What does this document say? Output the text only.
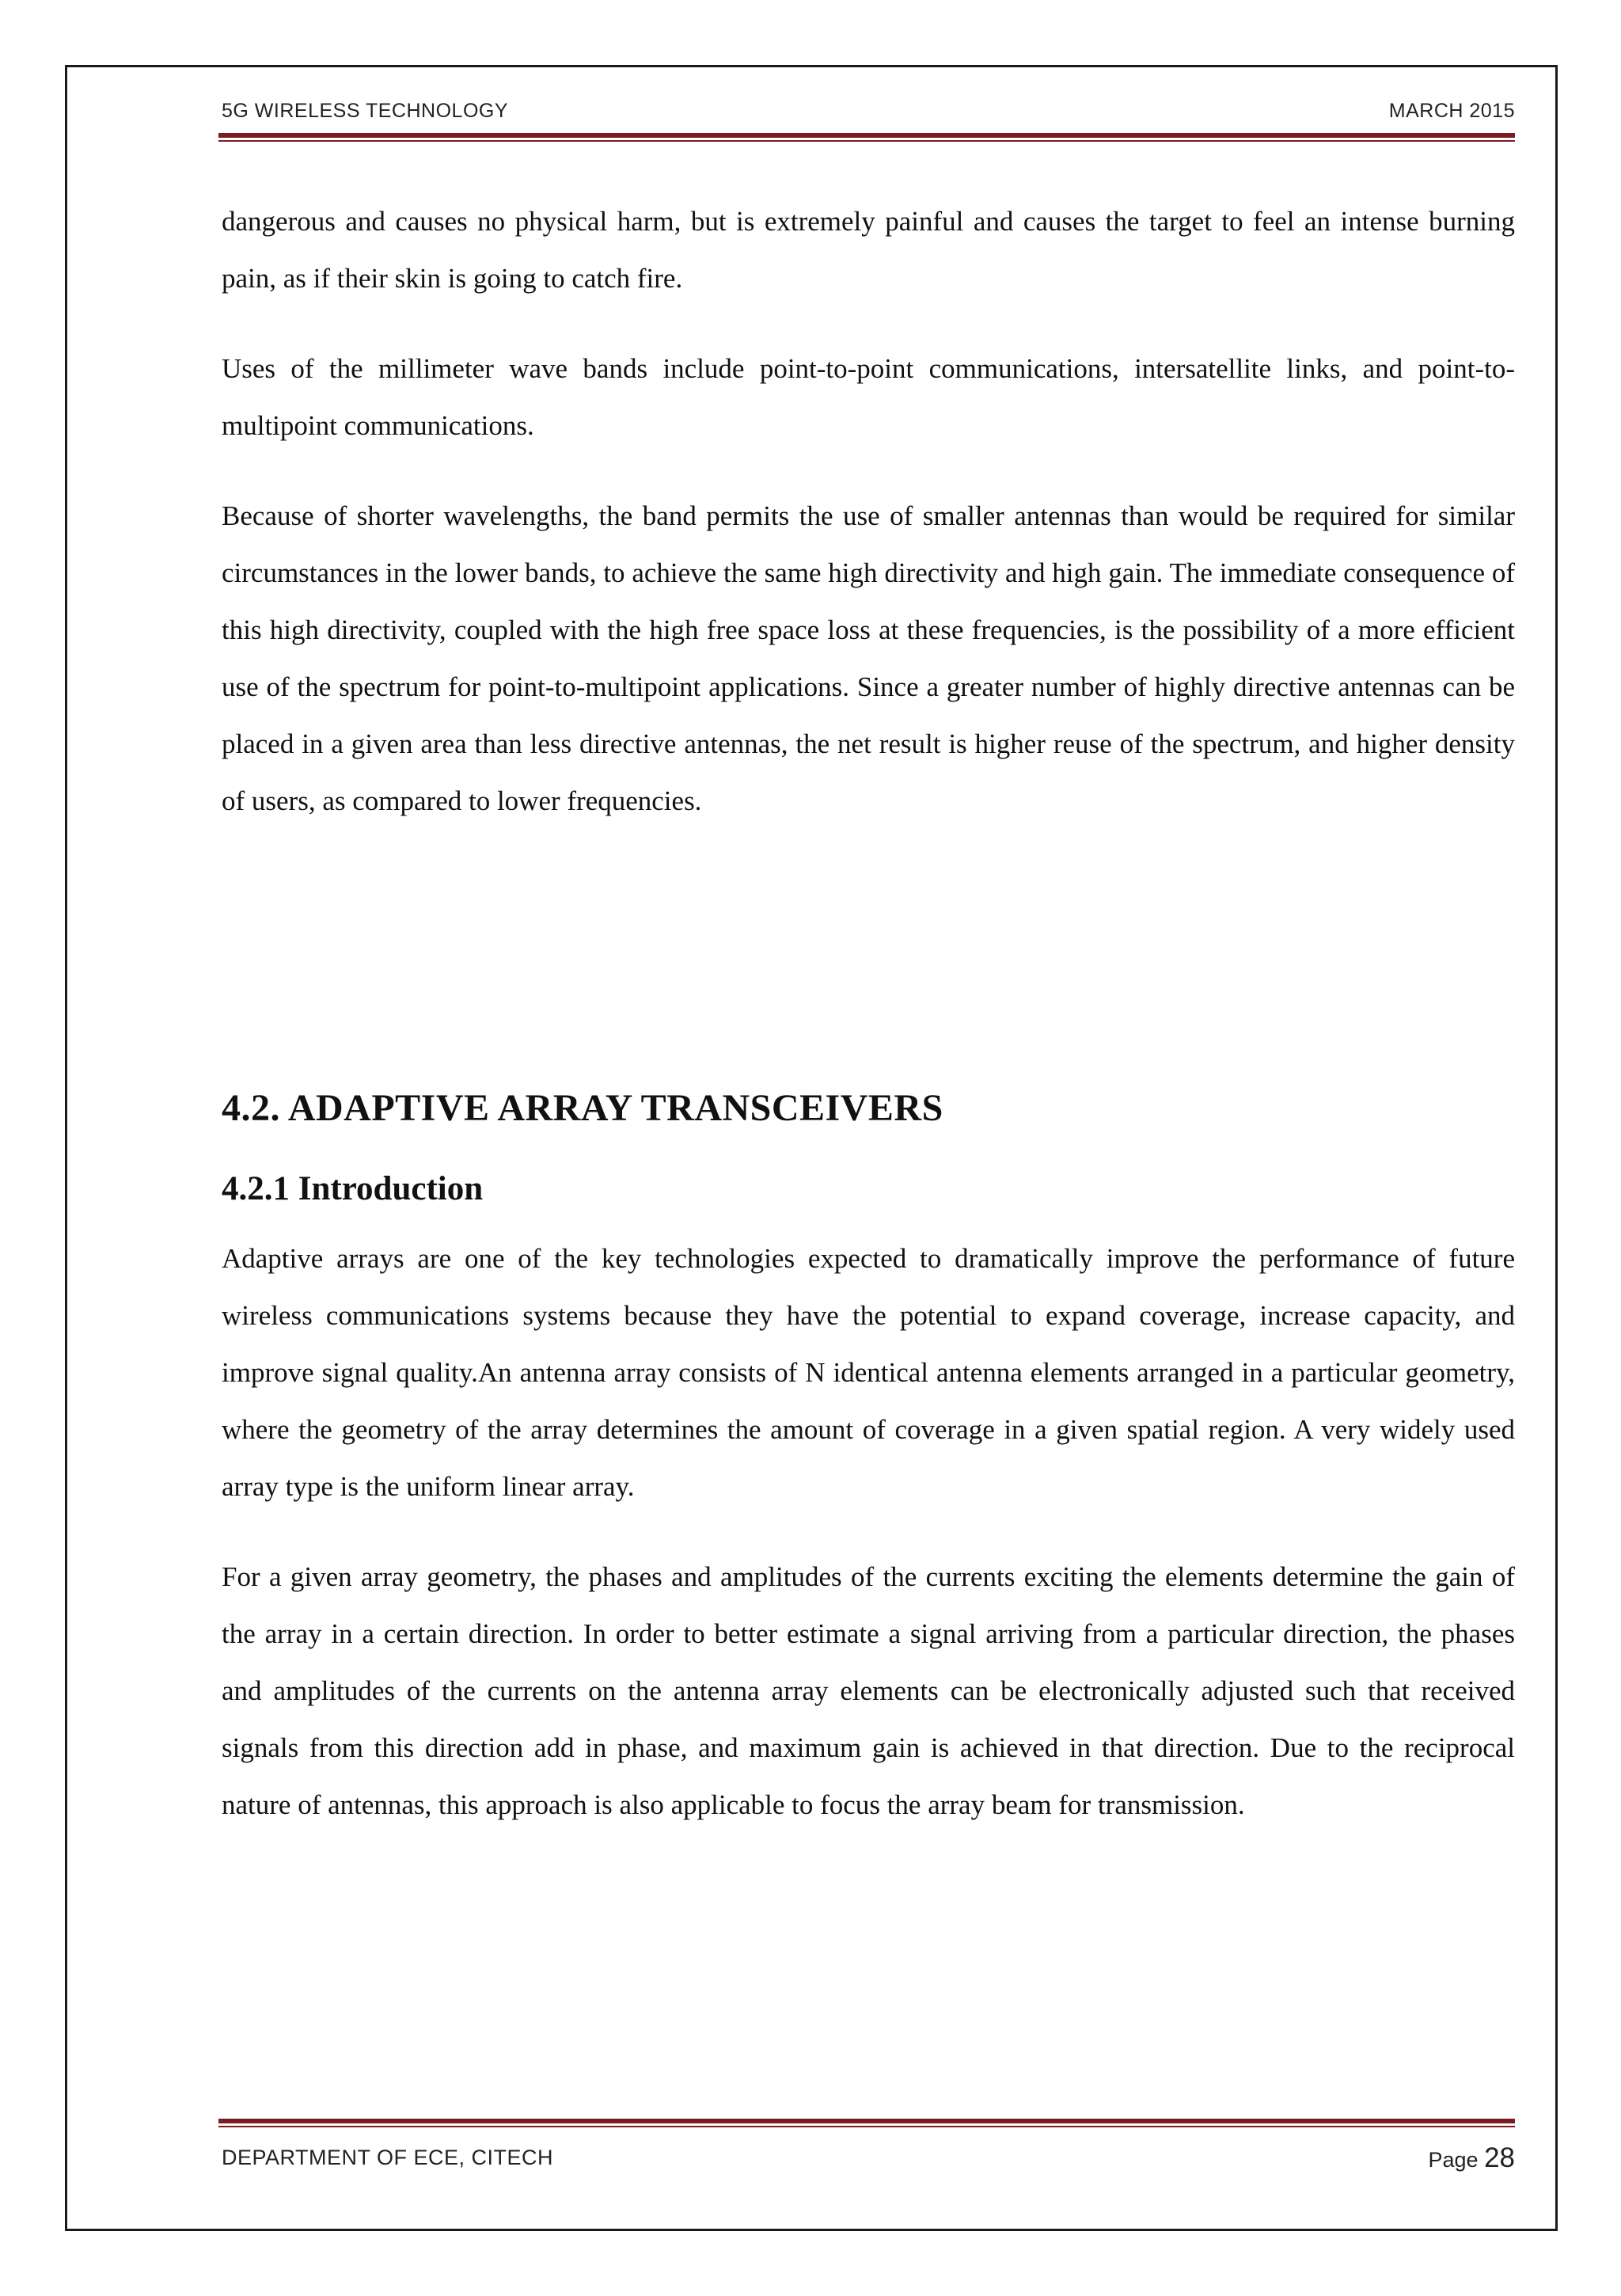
5G WIRELESS TECHNOLOGY	MARCH 2015

dangerous and causes no physical harm, but is extremely painful and causes the target to feel an intense burning pain, as if their skin is going to catch fire.

Uses of the millimeter wave bands include point-to-point communications, intersatellite links, and point-to-multipoint communications.

Because of shorter wavelengths, the band permits the use of smaller antennas than would be required for similar circumstances in the lower bands, to achieve the same high directivity and high gain. The immediate consequence of this high directivity, coupled with the high free space loss at these frequencies, is the possibility of a more efficient use of the spectrum for point-to-multipoint applications. Since a greater number of highly directive antennas can be placed in a given area than less directive antennas, the net result is higher reuse of the spectrum, and higher density of users, as compared to lower frequencies.

4.2. ADAPTIVE ARRAY TRANSCEIVERS
4.2.1 Introduction

Adaptive arrays are one of the key technologies expected to dramatically improve the performance of future wireless communications systems because they have the potential to expand coverage, increase capacity, and improve signal quality.An antenna array consists of N identical antenna elements arranged in a particular geometry, where the geometry of the array determines the amount of coverage in a given spatial region. A very widely used array type is the uniform linear array.

For a given array geometry, the phases and amplitudes of the currents exciting the elements determine the gain of the array in a certain direction. In order to better estimate a signal arriving from a particular direction, the phases and amplitudes of the currents on the antenna array elements can be electronically adjusted such that received signals from this direction add in phase, and maximum gain is achieved in that direction. Due to the reciprocal nature of antennas, this approach is also applicable to focus the array beam for transmission.

DEPARTMENT OF ECE, CITECH	Page 28
